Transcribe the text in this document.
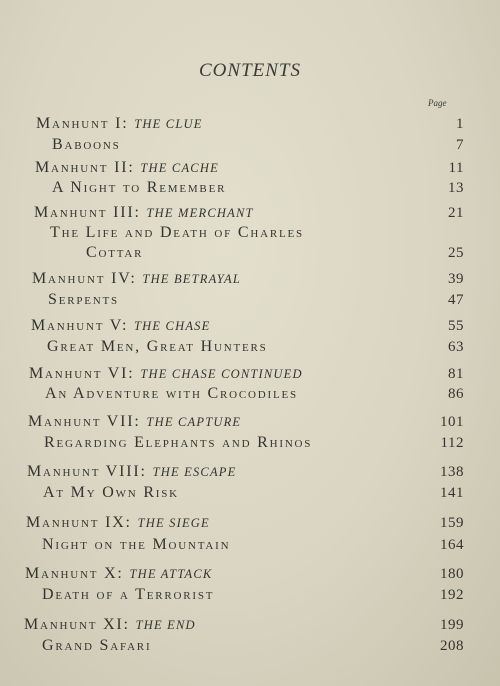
CONTENTS
Page
Manhunt I: THE CLUE	1
Baboons	7
Manhunt II: THE CACHE	11
A Night to Remember	13
Manhunt III: THE MERCHANT	21
The Life and Death of Charles
Cottar	25
Manhunt IV: THE BETRAYAL	39
Serpents	47
Manhunt V: THE CHASE	55
Great Men, Great Hunters	63
Manhunt VI: THE CHASE CONTINUED	81
An Adventure with Crocodiles	86
Manhunt VII: THE CAPTURE	101
Regarding Elephants and Rhinos	112
Manhunt VIII: THE ESCAPE	138
At My Own Risk	141
Manhunt IX: THE SIEGE	159
Night on the Mountain	164
Manhunt X: THE ATTACK	180
Death of a Terrorist	192
Manhunt XI: THE END	199
Grand Safari	208
